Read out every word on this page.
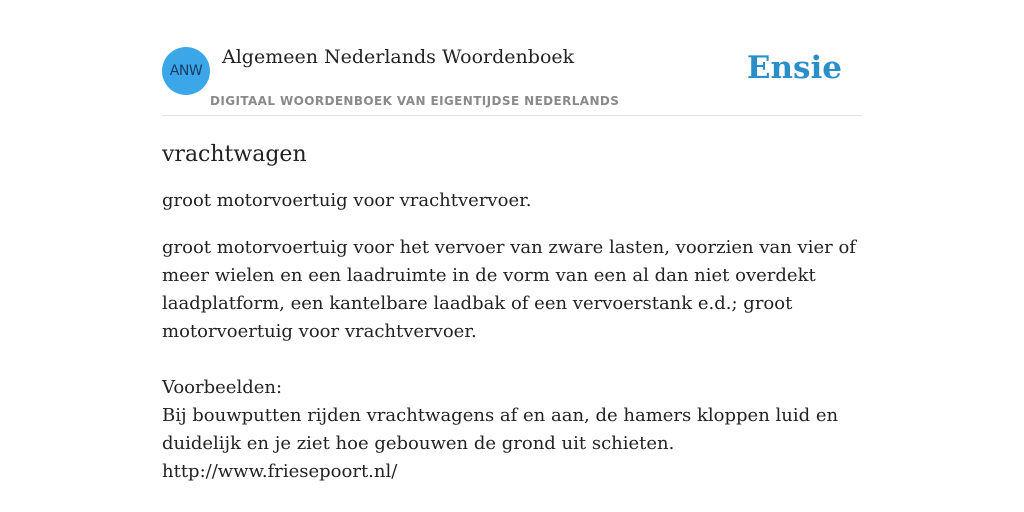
ANW
Algemeen Nederlands Woordenboek
DIGITAAL WOORDENBOEK VAN EIGENTIJDSE NEDERLANDS
Ensie
vrachtwagen
groot motorvoertuig voor vrachtvervoer.
groot motorvoertuig voor het vervoer van zware lasten, voorzien van vier of meer wielen en een laadruimte in de vorm van een al dan niet overdekt laadplatform, een kantelbare laadbak of een vervoerstank e.d.; groot motorvoertuig voor vrachtvervoer.
Voorbeelden:
Bij bouwputten rijden vrachtwagens af en aan, de hamers kloppen luid en duidelijk en je ziet hoe gebouwen de grond uit schieten.
http://www.friesepoort.nl/
